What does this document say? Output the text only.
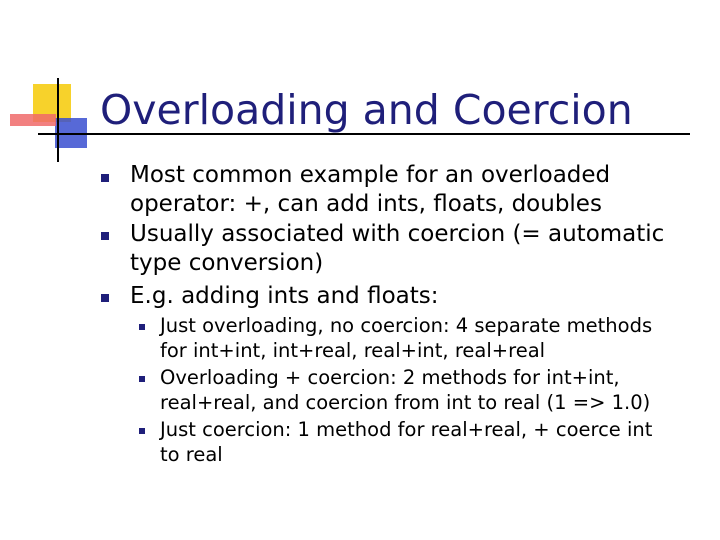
Overloading and Coercion
Most common example for an overloaded
operator: +, can add ints, floats, doubles
Usually associated with coercion (= automatic
type conversion)
E.g. adding ints and floats:
Just overloading, no coercion: 4 separate methods
for int+int, int+real, real+int, real+real
Overloading + coercion: 2 methods for int+int,
real+real, and coercion from int to real (1 => 1.0)
Just coercion: 1 method for real+real, + coerce int
to real
